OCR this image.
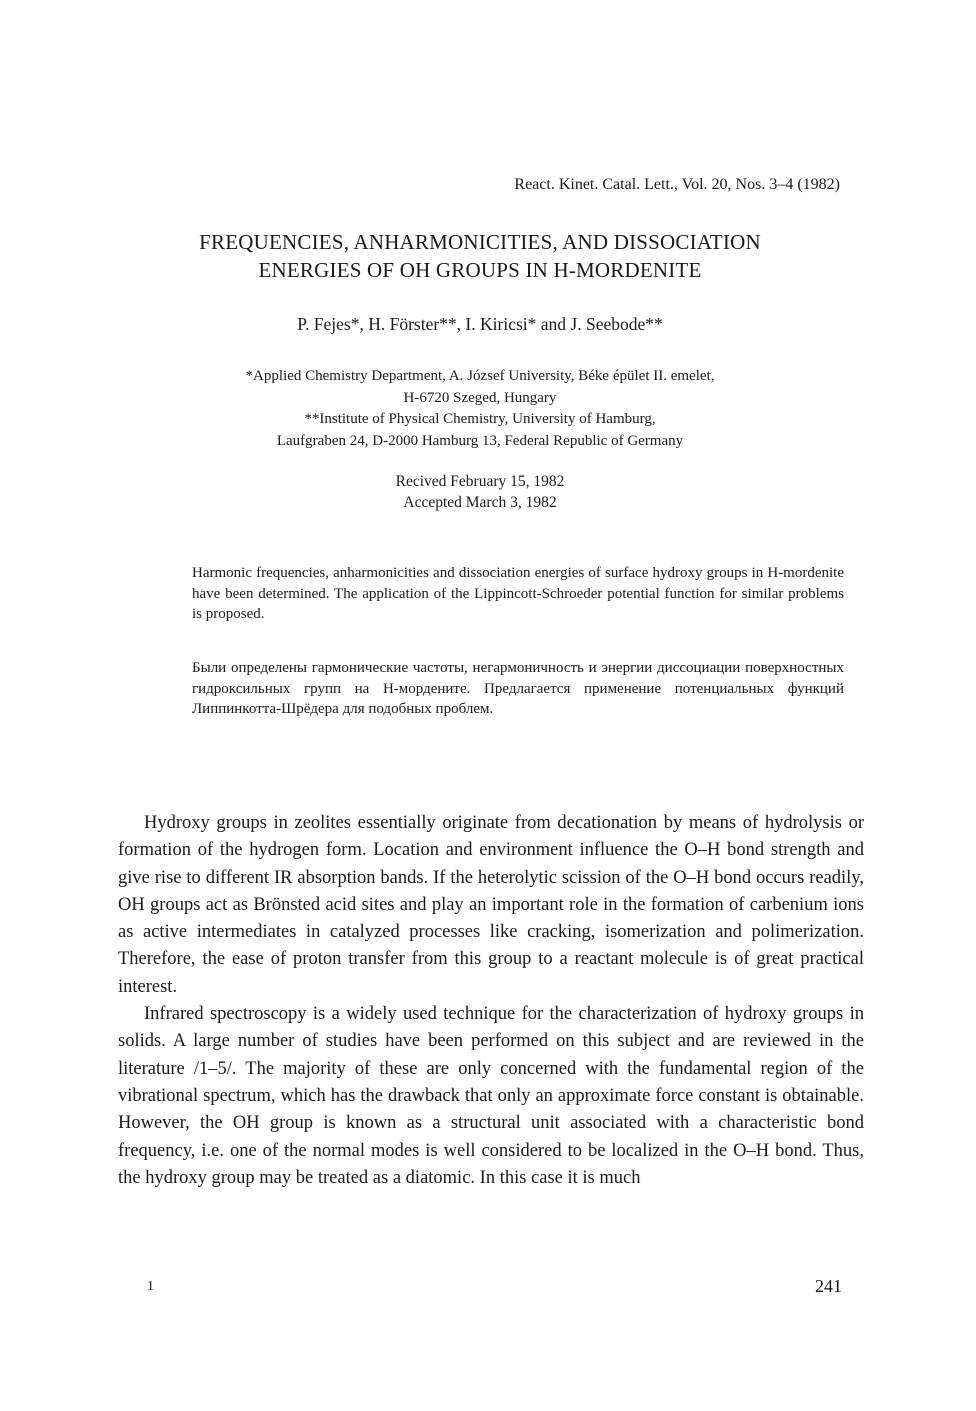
React. Kinet. Catal. Lett., Vol. 20, Nos. 3–4 (1982)
FREQUENCIES, ANHARMONICITIES, AND DISSOCIATION
ENERGIES OF OH GROUPS IN H-MORDENITE
P. Fejes*, H. Förster**, I. Kiricsi* and J. Seebode**
*Applied Chemistry Department, A. József University, Béke épület II. emelet,
H-6720 Szeged, Hungary
**Institute of Physical Chemistry, University of Hamburg,
Laufgraben 24, D-2000 Hamburg 13, Federal Republic of Germany
Recived February 15, 1982
Accepted March 3, 1982
Harmonic frequencies, anharmonicities and dissociation energies of surface hydroxy groups in H-mordenite have been determined. The application of the Lippincott-Schroeder potential function for similar problems is proposed.
Были определены гармонические частоты, негармоничность и энергии диссоциации поверхностных гидроксильных групп на Н-мордените. Предлагается применение потенциальных функций Липпинкотта-Шрёдера для подобных проблем.

Hydroxy groups in zeolites essentially originate from decationation by means of hydrolysis or formation of the hydrogen form. Location and environment influence the O–H bond strength and give rise to different IR absorption bands. If the heterolytic scission of the O–H bond occurs readily, OH groups act as Brönsted acid sites and play an important role in the formation of carbenium ions as active intermediates in catalyzed processes like cracking, isomerization and polimerization. Therefore, the ease of proton transfer from this group to a reactant molecule is of great practical interest.

Infrared spectroscopy is a widely used technique for the characterization of hydroxy groups in solids. A large number of studies have been performed on this subject and are reviewed in the literature /1–5/. The majority of these are only concerned with the fundamental region of the vibrational spectrum, which has the drawback that only an approximate force constant is obtainable. However, the OH group is known as a structural unit associated with a characteristic bond frequency, i.e. one of the normal modes is well considered to be localized in the O–H bond. Thus, the hydroxy group may be treated as a diatomic. In this case it is much

1	241
